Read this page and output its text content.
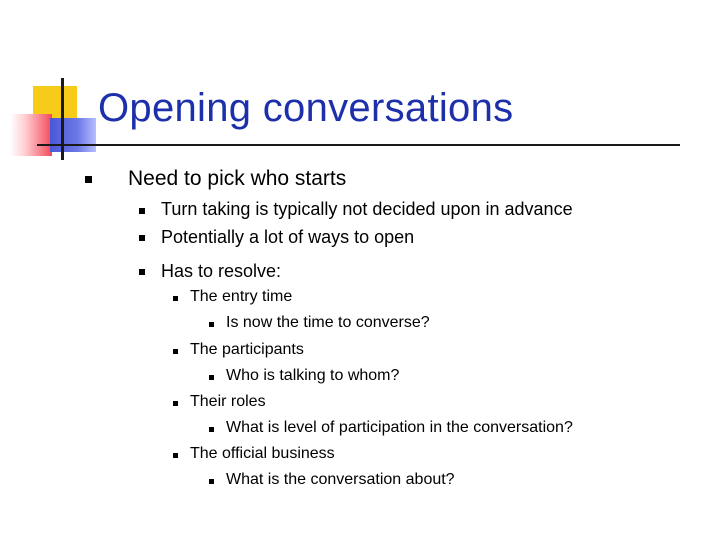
Opening conversations
Need to pick who starts
Turn taking is typically not decided upon in advance
Potentially a lot of ways to open
Has to resolve:
The entry time
Is now the time to converse?
The participants
Who is talking to whom?
Their roles
What is level of participation in the conversation?
The official business
What is the conversation about?
